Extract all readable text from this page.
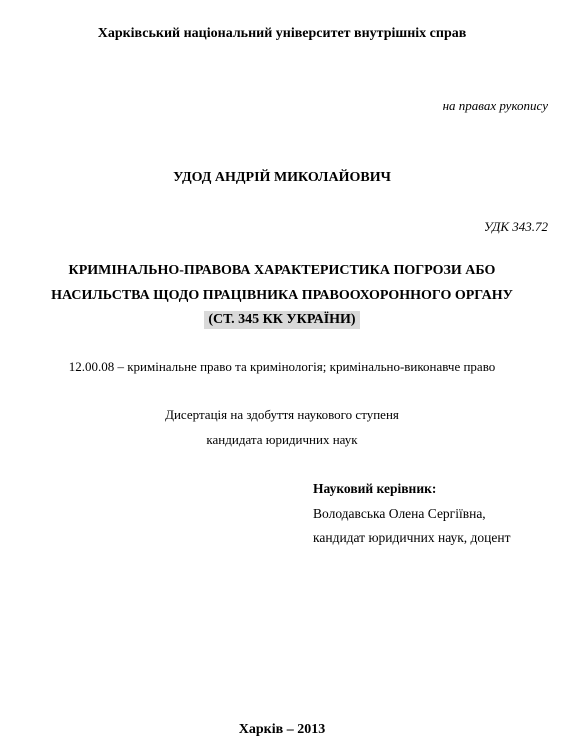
Харківський національний університет внутрішніх справ
на правах рукопису
УДОД АНДРІЙ МИКОЛАЙОВИЧ
УДК 343.72
КРИМІНАЛЬНО-ПРАВОВА ХАРАКТЕРИСТИКА ПОГРОЗИ АБО
НАСИЛЬСТВА ЩОДО ПРАЦІВНИКА ПРАВООХОРОННОГО ОРГАНУ
(СТ. 345 КК УКРАЇНИ)
12.00.08 – кримінальне право та кримінологія; кримінально-виконавче право
Дисертація на здобуття наукового ступеня
кандидата юридичних наук
Науковий керівник:
Володавська Олена Сергіївна,
кандидат юридичних наук, доцент
Харків – 2013
